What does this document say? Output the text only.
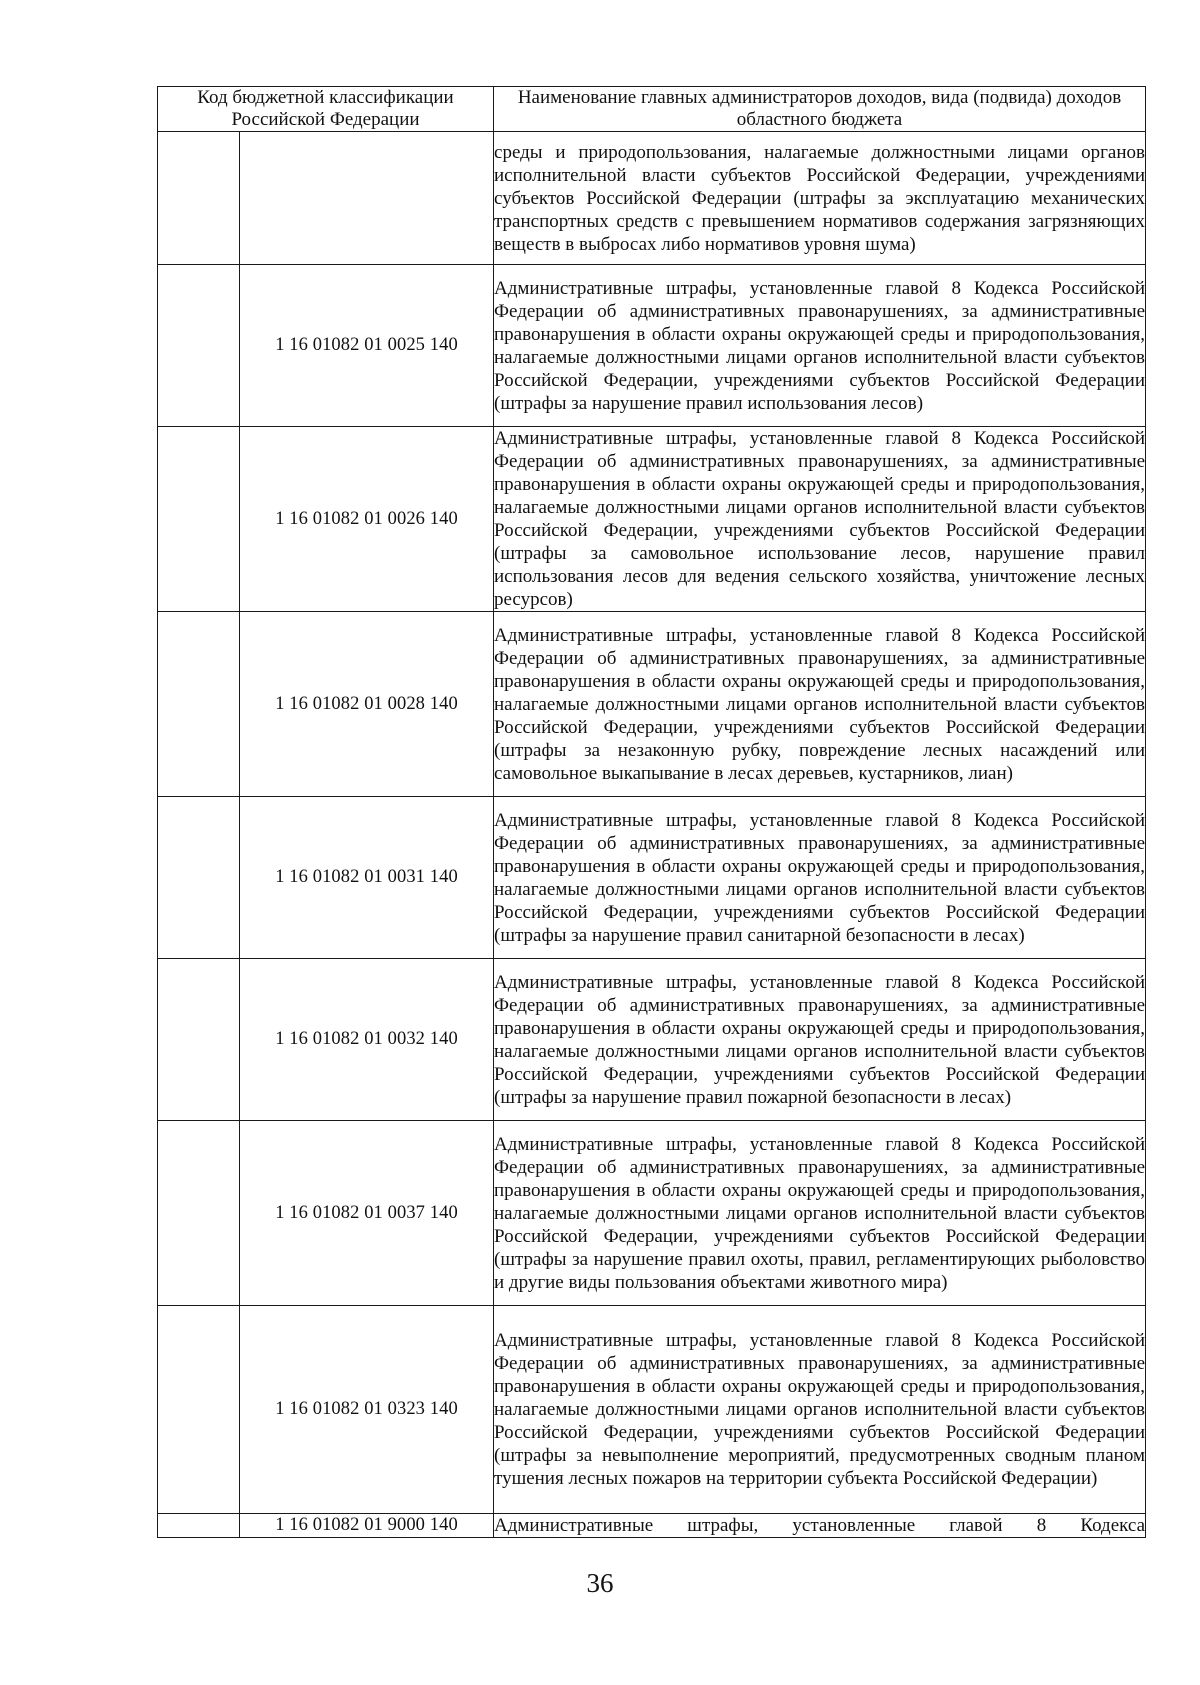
Код бюджетной классификации Российской Федерации		Наименование главных администраторов доходов, вида (подвида) доходов областного бюджета
		среды и природопользования, налагаемые должностными лицами органов исполнительной власти субъектов Российской Федерации, учреждениями субъектов Российской Федерации (штрафы за эксплуатацию механических транспортных средств с превышением нормативов содержания загрязняющих веществ в выбросах либо нормативов уровня шума)
	1 16 01082 01 0025 140	Административные штрафы, установленные главой 8 Кодекса Российской Федерации об административных правонарушениях, за административные правонарушения в области охраны окружающей среды и природопользования, налагаемые должностными лицами органов исполнительной власти субъектов Российской Федерации, учреждениями субъектов Российской Федерации (штрафы за нарушение правил использования лесов)
	1 16 01082 01 0026 140	Административные штрафы, установленные главой 8 Кодекса Российской Федерации об административных правонарушениях, за административные правонарушения в области охраны окружающей среды и природопользования, налагаемые должностными лицами органов исполнительной власти субъектов Российской Федерации, учреждениями субъектов Российской Федерации (штрафы за самовольное использование лесов, нарушение правил использования лесов для ведения сельского хозяйства, уничтожение лесных ресурсов)
	1 16 01082 01 0028 140	Административные штрафы, установленные главой 8 Кодекса Российской Федерации об административных правонарушениях, за административные правонарушения в области охраны окружающей среды и природопользования, налагаемые должностными лицами органов исполнительной власти субъектов Российской Федерации, учреждениями субъектов Российской Федерации (штрафы за незаконную рубку, повреждение лесных насаждений или самовольное выкапывание в лесах деревьев, кустарников, лиан)
	1 16 01082 01 0031 140	Административные штрафы, установленные главой 8 Кодекса Российской Федерации об административных правонарушениях, за административные правонарушения в области охраны окружающей среды и природопользования, налагаемые должностными лицами органов исполнительной власти субъектов Российской Федерации, учреждениями субъектов Российской Федерации (штрафы за нарушение правил санитарной безопасности в лесах)
	1 16 01082 01 0032 140	Административные штрафы, установленные главой 8 Кодекса Российской Федерации об административных правонарушениях, за административные правонарушения в области охраны окружающей среды и природопользования, налагаемые должностными лицами органов исполнительной власти субъектов Российской Федерации, учреждениями субъектов Российской Федерации (штрафы за нарушение правил пожарной безопасности в лесах)
	1 16 01082 01 0037 140	Административные штрафы, установленные главой 8 Кодекса Российской Федерации об административных правонарушениях, за административные правонарушения в области охраны окружающей среды и природопользования, налагаемые должностными лицами органов исполнительной власти субъектов Российской Федерации, учреждениями субъектов Российской Федерации (штрафы за нарушение правил охоты, правил, регламентирующих рыболовство и другие виды пользования объектами животного мира)
	1 16 01082 01 0323 140	Административные штрафы, установленные главой 8 Кодекса Российской Федерации об административных правонарушениях, за административные правонарушения в области охраны окружающей среды и природопользования, налагаемые должностными лицами органов исполнительной власти субъектов Российской Федерации, учреждениями субъектов Российской Федерации (штрафы за невыполнение мероприятий, предусмотренных сводным планом тушения лесных пожаров на территории субъекта Российской Федерации)
	1 16 01082 01 9000 140	Административные штрафы, установленные главой 8 Кодекса
36
